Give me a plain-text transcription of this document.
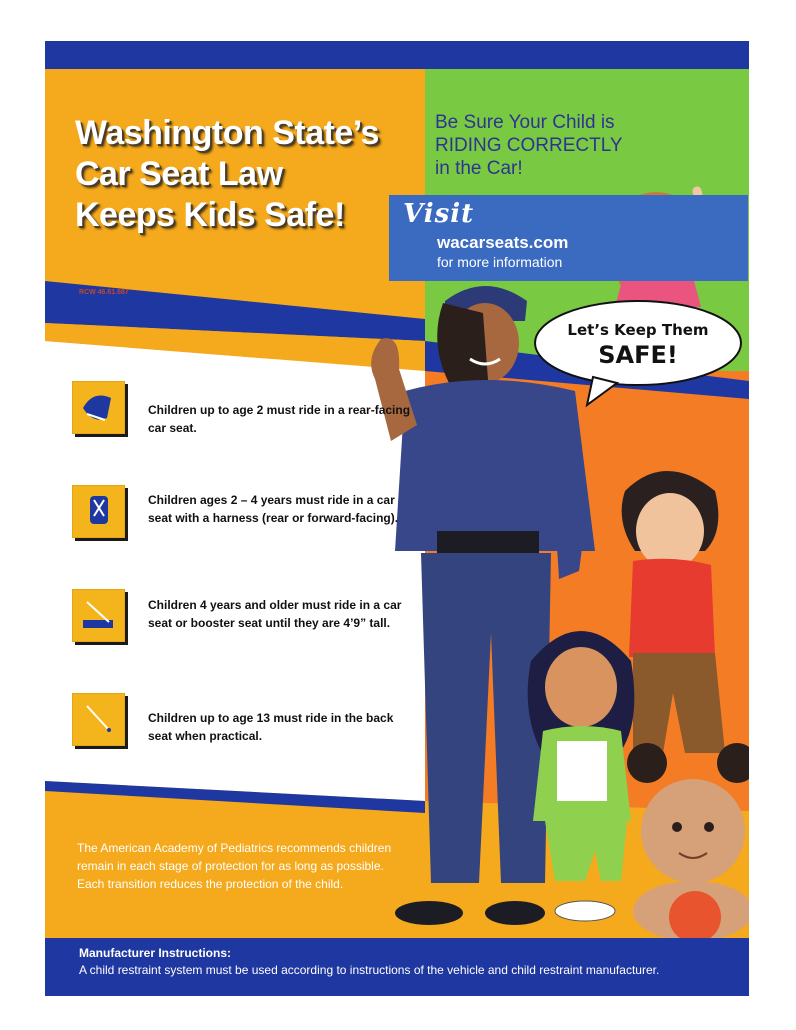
Washington State’s
Car Seat Law
Keeps Kids Safe!
RCW 46.61.687
Be Sure Your Child is
RIDING CORRECTLY
in the Car!
Visit
wacarseats.com
for more information
Let’s Keep Them
SAFE!
Children up to age 2 must ride in a rear-facing car seat.
Children ages 2 – 4 years must ride in a car seat with a harness (rear or forward-facing).
Children 4 years and older must ride in a car seat or booster seat until they are 4’9” tall.
Children up to age 13 must ride in the back seat when practical.
The American Academy of Pediatrics recommends children remain in each stage of protection for as long as possible. Each transition reduces the protection of the child.
Manufacturer Instructions:
A child restraint system must be used according to instructions of the vehicle and child restraint manufacturer.
